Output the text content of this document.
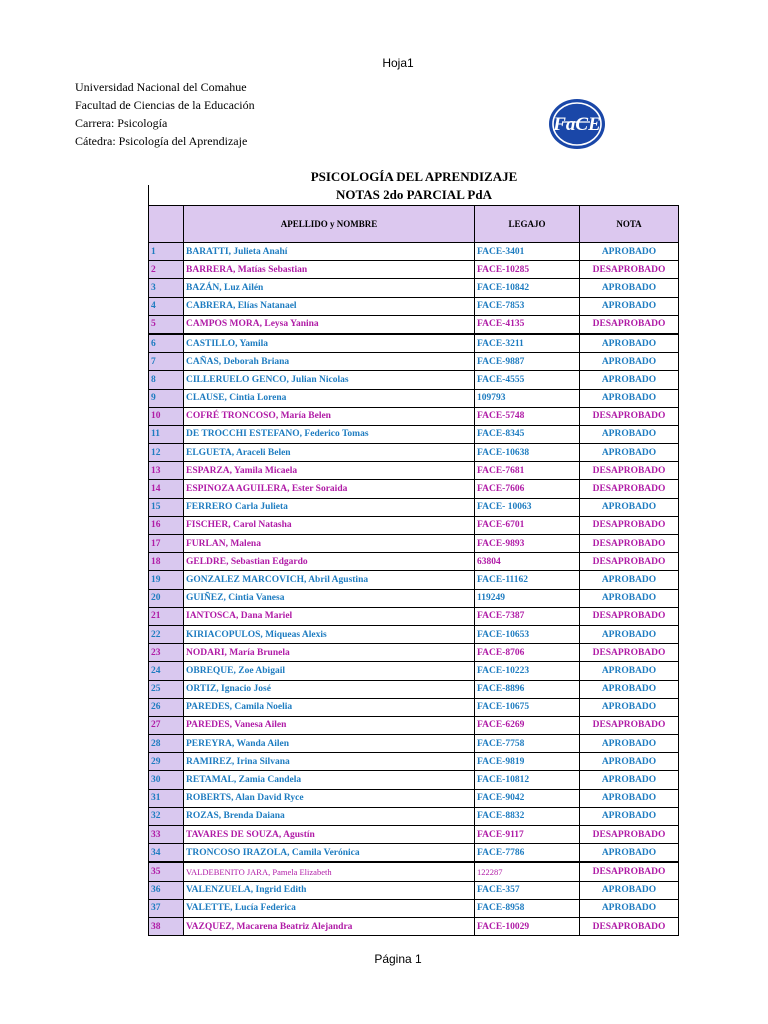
Hoja1
Universidad Nacional del Comahue
Facultad de Ciencias de la Educación
Carrera: Psicología
Cátedra: Psicología del Aprendizaje
FaCE
PSICOLOGÍA DEL APRENDIZAJE
NOTAS 2do PARCIAL PdA
	APELLIDO y NOMBRE	LEGAJO	NOTA
1	BARATTI, Julieta Anahí	FACE-3401	APROBADO
2	BARRERA, Matías Sebastian	FACE-10285	DESAPROBADO
3	BAZÁN, Luz Ailén	FACE-10842	APROBADO
4	CABRERA, Elías Natanael	FACE-7853	APROBADO
5	CAMPOS MORA, Leysa Yanina	FACE-4135	DESAPROBADO
6	CASTILLO, Yamila	FACE-3211	APROBADO
7	CAÑAS, Deborah Briana	FACE-9887	APROBADO
8	CILLERUELO GENCO, Julian Nicolas	FACE-4555	APROBADO
9	CLAUSE, Cintia Lorena	109793	APROBADO
10	COFRÉ TRONCOSO, María Belen	FACE-5748	DESAPROBADO
11	DE TROCCHI ESTEFANO, Federico Tomas	FACE-8345	APROBADO
12	ELGUETA, Araceli Belen	FACE-10638	APROBADO
13	ESPARZA, Yamila Micaela	FACE-7681	DESAPROBADO
14	ESPINOZA AGUILERA, Ester Soraida	FACE-7606	DESAPROBADO
15	FERRERO Carla Julieta	FACE- 10063	APROBADO
16	FISCHER, Carol Natasha	FACE-6701	DESAPROBADO
17	FURLAN, Malena	FACE-9893	DESAPROBADO
18	GELDRE, Sebastian Edgardo	63804	DESAPROBADO
19	GONZALEZ MARCOVICH, Abril Agustina	FACE-11162	APROBADO
20	GUIÑEZ, Cintia Vanesa	119249	APROBADO
21	IANTOSCA, Dana Mariel	FACE-7387	DESAPROBADO
22	KIRIACOPULOS, Miqueas Alexis	FACE-10653	APROBADO
23	NODARI, María Brunela	FACE-8706	DESAPROBADO
24	OBREQUE, Zoe Abigail	FACE-10223	APROBADO
25	ORTIZ, Ignacio José	FACE-8896	APROBADO
26	PAREDES, Camila Noelia	FACE-10675	APROBADO
27	PAREDES, Vanesa Ailen	FACE-6269	DESAPROBADO
28	PEREYRA, Wanda Ailen	FACE-7758	APROBADO
29	RAMIREZ, Irina Silvana	FACE-9819	APROBADO
30	RETAMAL, Zamia Candela	FACE-10812	APROBADO
31	ROBERTS, Alan David Ryce	FACE-9042	APROBADO
32	ROZAS, Brenda Daiana	FACE-8832	APROBADO
33	TAVARES DE SOUZA, Agustín	FACE-9117	DESAPROBADO
34	TRONCOSO IRAZOLA, Camila Verónica	FACE-7786	APROBADO
35	VALDEBENITO JARA, Pamela Elizabeth	122287	DESAPROBADO
36	VALENZUELA, Ingrid Edith	FACE-357	APROBADO
37	VALETTE, Lucía Federica	FACE-8958	APROBADO
38	VAZQUEZ, Macarena Beatriz Alejandra	FACE-10029	DESAPROBADO
Página 1
